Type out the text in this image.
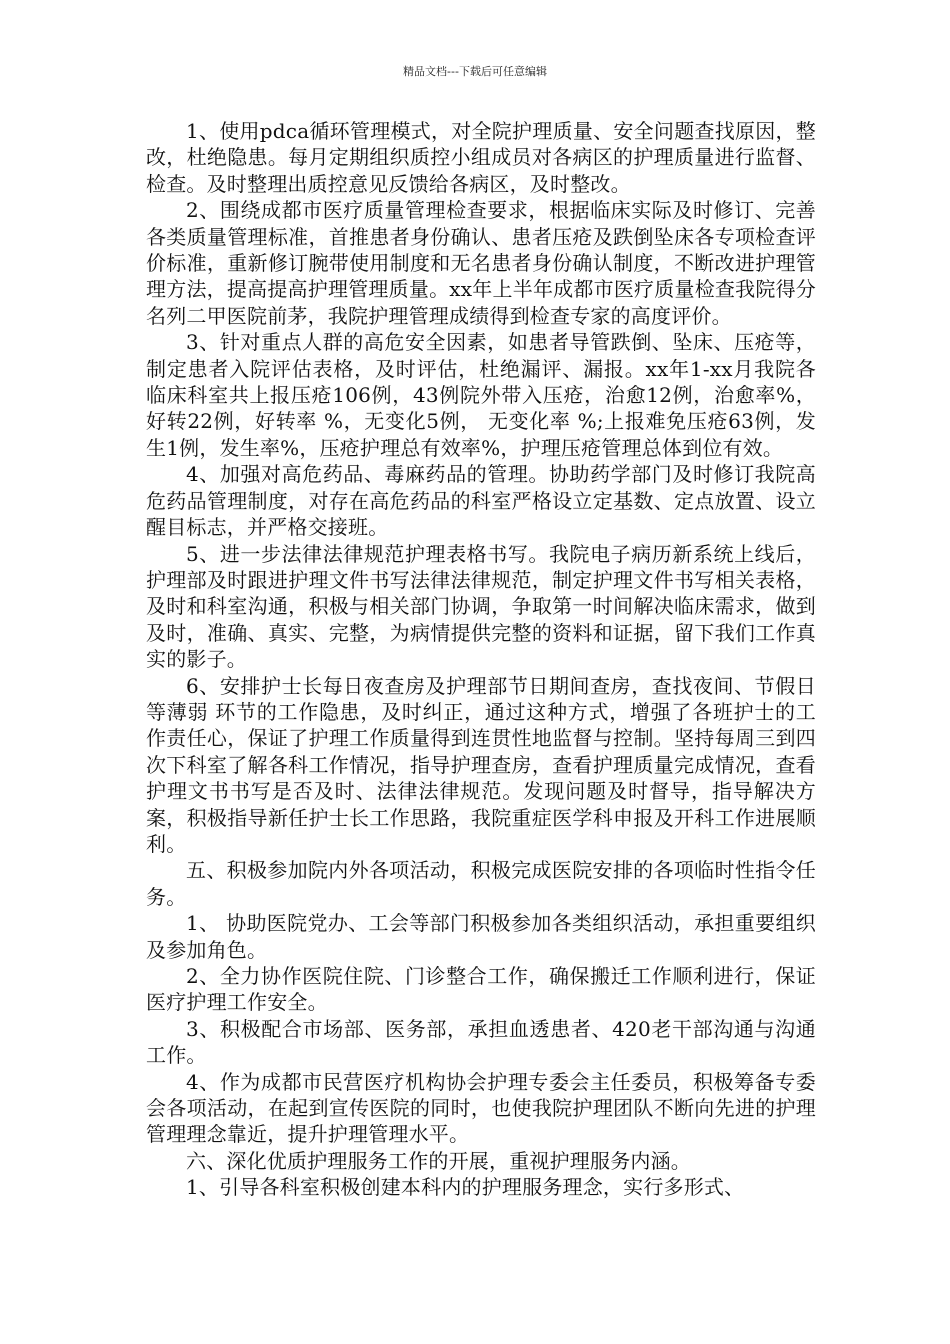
精品文档---下载后可任意编辑

1、使用pdca循环管理模式，对全院护理质量、安全问题查找原因，整改，杜绝隐患。每月定期组织质控小组成员对各病区的护理质量进行监督、检查。及时整理出质控意见反馈给各病区，及时整改。

2、围绕成都市医疗质量管理检查要求，根据临床实际及时修订、完善各类质量管理标准，首推患者身份确认、患者压疮及跌倒坠床各专项检查评价标准，重新修订腕带使用制度和无名患者身份确认制度，不断改进护理管理方法，提高提高护理管理质量。xx年上半年成都市医疗质量检查我院得分名列二甲医院前茅，我院护理管理成绩得到检查专家的高度评价。

3、针对重点人群的高危安全因素，如患者导管跌倒、坠床、压疮等，制定患者入院评估表格，及时评估，杜绝漏评、漏报。xx年1-xx月我院各临床科室共上报压疮106例，43例院外带入压疮，治愈12例，治愈率%，好转22例，好转率 %，无变化5例， 无变化率 %;上报难免压疮63例，发生1例，发生率%，压疮护理总有效率%，护理压疮管理总体到位有效。

4、加强对高危药品、毒麻药品的管理。协助药学部门及时修订我院高危药品管理制度，对存在高危药品的科室严格设立定基数、定点放置、设立醒目标志，并严格交接班。

5、进一步法律法律规范护理表格书写。我院电子病历新系统上线后，护理部及时跟进护理文件书写法律法律规范，制定护理文件书写相关表格，及时和科室沟通，积极与相关部门协调，争取第一时间解决临床需求，做到及时，准确、真实、完整，为病情提供完整的资料和证据，留下我们工作真实的影子。

6、安排护士长每日夜查房及护理部节日期间查房，查找夜间、节假日等薄弱 环节的工作隐患，及时纠正，通过这种方式，增强了各班护士的工作责任心，保证了护理工作质量得到连贯性地监督与控制。坚持每周三到四次下科室了解各科工作情况，指导护理查房，查看护理质量完成情况，查看护理文书书写是否及时、法律法律规范。发现问题及时督导，指导解决方案，积极指导新任护士长工作思路，我院重症医学科申报及开科工作进展顺利。

五、积极参加院内外各项活动，积极完成医院安排的各项临时性指令任务。

1、 协助医院党办、工会等部门积极参加各类组织活动，承担重要组织及参加角色。

2、全力协作医院住院、门诊整合工作，确保搬迁工作顺利进行，保证医疗护理工作安全。

3、积极配合市场部、医务部，承担血透患者、420老干部沟通与沟通工作。

4、作为成都市民营医疗机构协会护理专委会主任委员，积极筹备专委会各项活动，在起到宣传医院的同时，也使我院护理团队不断向先进的护理管理理念靠近，提升护理管理水平。

六、深化优质护理服务工作的开展，重视护理服务内涵。

1、引导各科室积极创建本科内的护理服务理念，实行多形式、
